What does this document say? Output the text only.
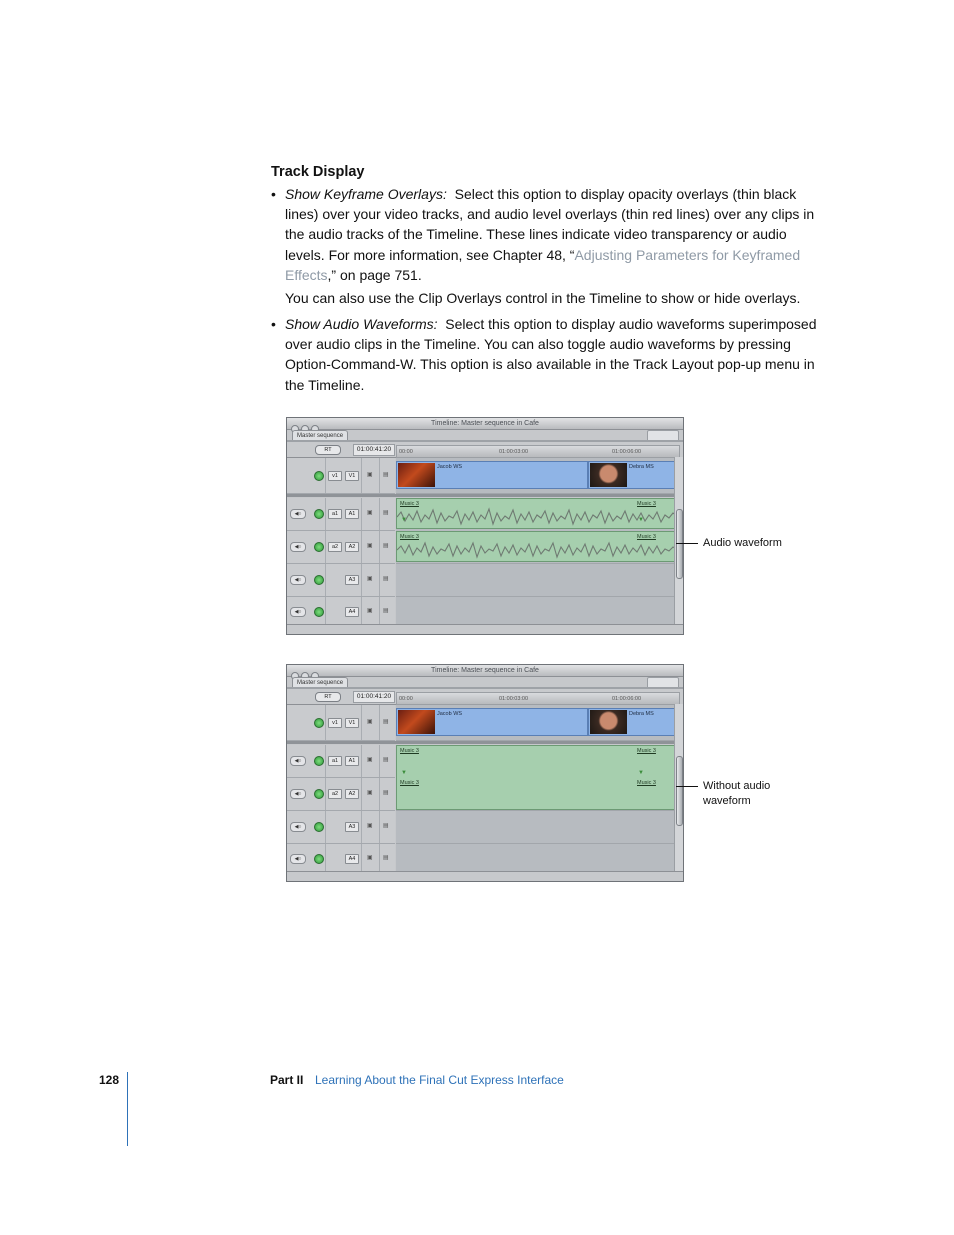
Track Display
• Show Keyframe Overlays: Select this option to display opacity overlays (thin black lines) over your video tracks, and audio level overlays (thin red lines) over any clips in the audio tracks of the Timeline. These lines indicate video transparency or audio levels. For more information, see Chapter 48, “Adjusting Parameters for Keyframed Effects,” on page 751.
You can also use the Clip Overlays control in the Timeline to show or hide overlays.
• Show Audio Waveforms: Select this option to display audio waveforms superimposed over audio clips in the Timeline. You can also toggle audio waveforms by pressing Option-Command-W. This option is also available in the Track Layout pop-up menu in the Timeline.
Timeline: Master sequence in Cafe
Master sequence
RT	01:00:41:20	00:00	01:00:03:00	01:00:06:00
v1	V1	▣ ▤
Jacob WS	Debra MS
◀○	a1	A1	▣ ▤
◀○	a2	A2	▣ ▤
◀○	A3	▣ ▤
◀○	A4	▣ ▤
Music 3	Music 3
▼	▼
Music 3	Music 3	Audio waveform
Timeline: Master sequence in Cafe
Master sequence
RT	01:00:41:20	00:00	01:00:03:00	01:00:06:00
v1	V1	▣ ▤
Jacob WS	Debra MS
◀○	a1	A1	▣ ▤
◀○	a2	A2	▣ ▤
◀○	A3	▣ ▤
◀○	A4	▣ ▤
Music 3	Music 3
▼	▼
Music 3	Music 3	Without audio
waveform
128	Part II Learning About the Final Cut Express Interface
